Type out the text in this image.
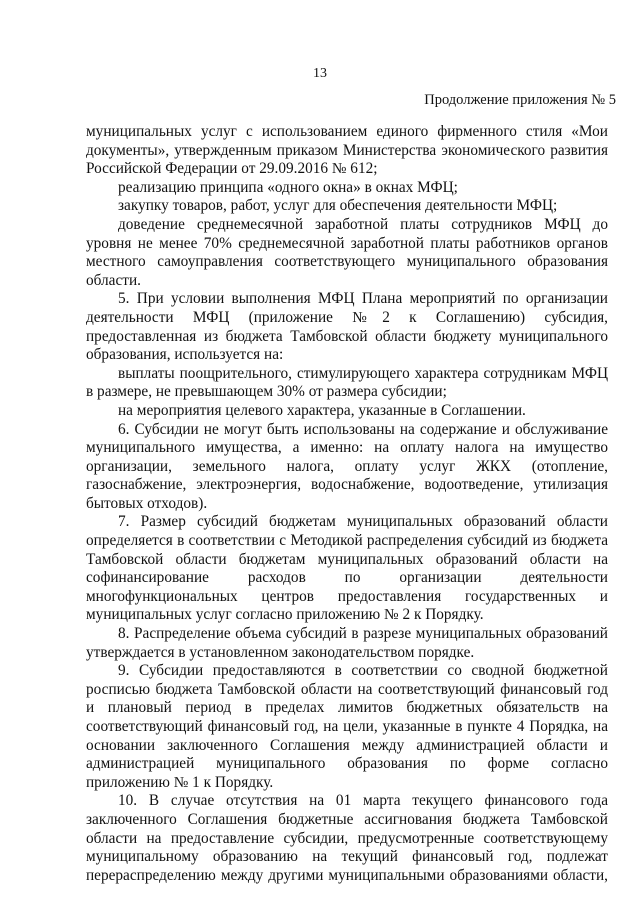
13
Продолжение приложения № 5
муниципальных услуг с использованием единого фирменного стиля «Мои
документы», утвержденным приказом Министерства экономического развития
Российской Федерации от 29.09.2016 № 612;
реализацию принципа «одного окна» в окнах МФЦ;
закупку товаров, работ, услуг для обеспечения деятельности МФЦ;
доведение среднемесячной заработной платы сотрудников МФЦ до
уровня не менее 70% среднемесячной заработной платы работников органов
местного самоуправления соответствующего муниципального образования
области.
5. При условии выполнения МФЦ Плана мероприятий по организации
деятельности МФЦ (приложение №2 к Соглашению) субсидия,
предоставленная из бюджета Тамбовской области бюджету муниципального
образования, используется на:
выплаты поощрительного, стимулирующего характера сотрудникам МФЦ
в размере, не превышающем 30% от размера субсидии;
на мероприятия целевого характера, указанные в Соглашении.
6. Субсидии не могут быть использованы на содержание и обслуживание
муниципального имущества, а именно: на оплату налога на имущество
организации, земельного налога, оплату услуг ЖКХ (отопление,
газоснабжение, электроэнергия, водоснабжение, водоотведение, утилизация
бытовых отходов).
7. Размер субсидий бюджетам муниципальных образований области
определяется в соответствии с Методикой распределения субсидий из бюджета
Тамбовской области бюджетам муниципальных образований области на
софинансирование расходов по организации деятельности
многофункциональных центров предоставления государственных и
муниципальных услуг согласно приложению № 2 к Порядку.
8. Распределение объема субсидий в разрезе муниципальных образований
утверждается в установленном законодательством порядке.
9. Субсидии предоставляются в соответствии со сводной бюджетной
росписью бюджета Тамбовской области на соответствующий финансовый год
и плановый период в пределах лимитов бюджетных обязательств на
соответствующий финансовый год, на цели, указанные в пункте 4 Порядка, на
основании заключенного Соглашения между администрацией области и
администрацией муниципального образования по форме согласно
приложению № 1 к Порядку.
10. В случае отсутствия на 01 марта текущего финансового года
заключенного Соглашения бюджетные ассигнования бюджета Тамбовской
области на предоставление субсидии, предусмотренные соответствующему
муниципальному образованию на текущий финансовый год, подлежат
перераспределению между другими муниципальными образованиями области,
